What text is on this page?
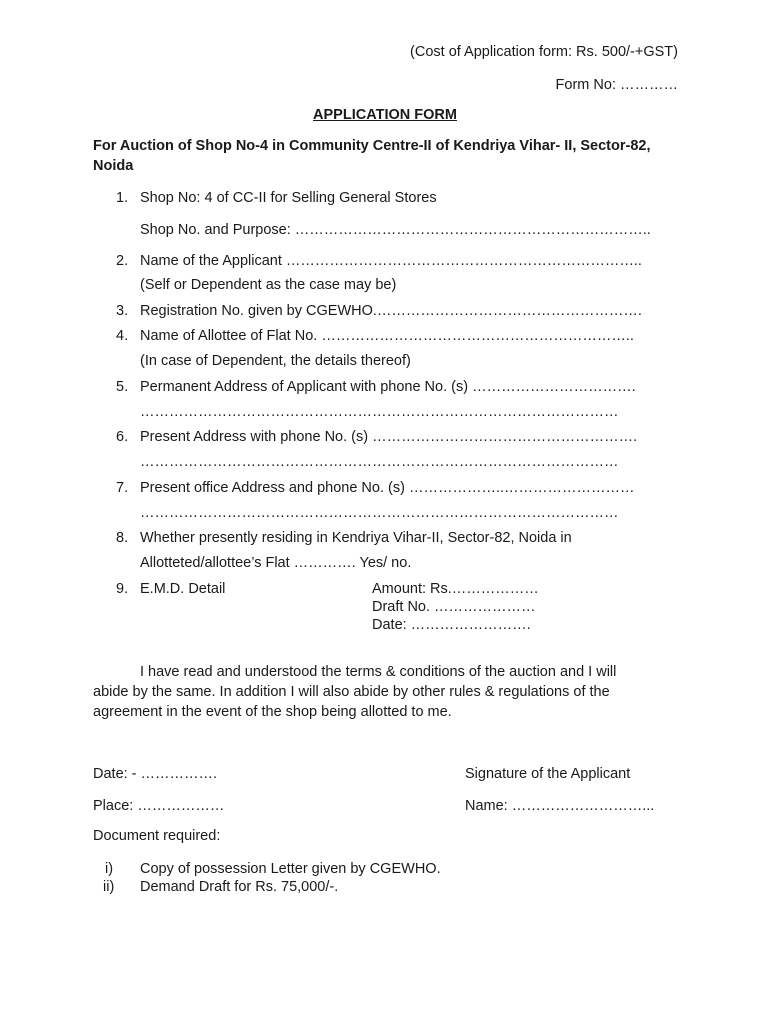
(Cost of Application form: Rs. 500/-+GST)
Form No: …………
APPLICATION FORM
For Auction of Shop No-4 in Community Centre-II of Kendriya Vihar- II, Sector-82,
Noida
1. Shop No: 4 of CC-II for Selling General Stores
Shop No. and Purpose: ………………………………………………………………..
2. Name of the Applicant ………………………………………………………………..
(Self or Dependent as the case may be)
3. Registration No. given by CGEWHO.……………………………………………….
4. Name of Allottee of Flat No. ………………………………………………………..
(In case of Dependent, the details thereof)
5. Permanent Address of Applicant with phone No. (s) …………………………….
………………………………………………………………………………………
6. Present Address with phone No. (s) ……………………………………………….
………………………………………………………………………………………
7. Present office Address and phone No. (s) ………………..………………………
………………………………………………………………………………………
8. Whether presently residing in Kendriya Vihar-II, Sector-82, Noida in
Allotteted/allottee’s Flat …………. Yes/ no.
9. E.M.D. Detail	Amount: Rs.………………
Draft No. …………………
Date: …………………….
I have read and understood the terms & conditions of the auction and I will
abide by the same. In addition I will also abide by other rules & regulations of the
agreement in the event of the shop being allotted to me.
Date: - …………….	Signature of the Applicant
Place: ………………	Name: ………………………...
Document required:
i) Copy of possession Letter given by CGEWHO.
ii) Demand Draft for Rs. 75,000/-.
